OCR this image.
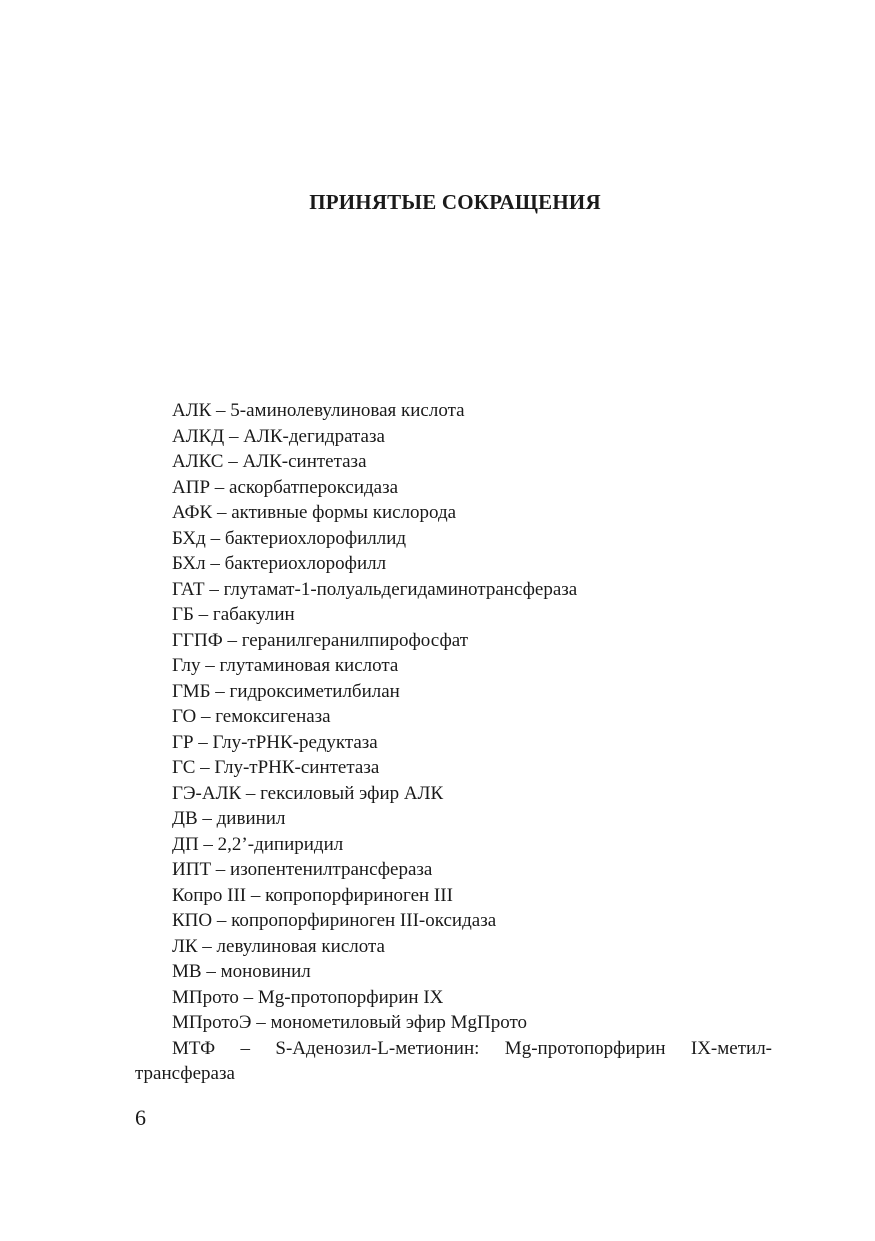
ПРИНЯТЫЕ СОКРАЩЕНИЯ
АЛК – 5-аминолевулиновая кислота
АЛКД – АЛК-дегидратаза
АЛКС – АЛК-синтетаза
АПР – аскорбатпероксидаза
АФК – активные формы кислорода
БХд – бактериохлорофиллид
БХл – бактериохлорофилл
ГАТ – глутамат-1-полуальдегидаминотрансфераза
ГБ – габакулин
ГГПФ – геранилгеранилпирофосфат
Глу – глутаминовая кислота
ГМБ – гидроксиметилбилан
ГО – гемоксигеназа
ГР – Глу-тРНК-редуктаза
ГС – Глу-тРНК-синтетаза
ГЭ-АЛК – гексиловый эфир АЛК
ДВ – дивинил
ДП – 2,2’-дипиридил
ИПТ – изопентенилтрансфераза
Копро III – копропорфириноген III
КПО – копропорфириноген III-оксидаза
ЛК – левулиновая кислота
МВ – моновинил
МПрото – Mg-протопорфирин IX
МПротоЭ – монометиловый эфир MgПрото
МТФ – S-Аденозил-L-метионин: Mg-протопорфирин IX-метил-
трансфераза
6
